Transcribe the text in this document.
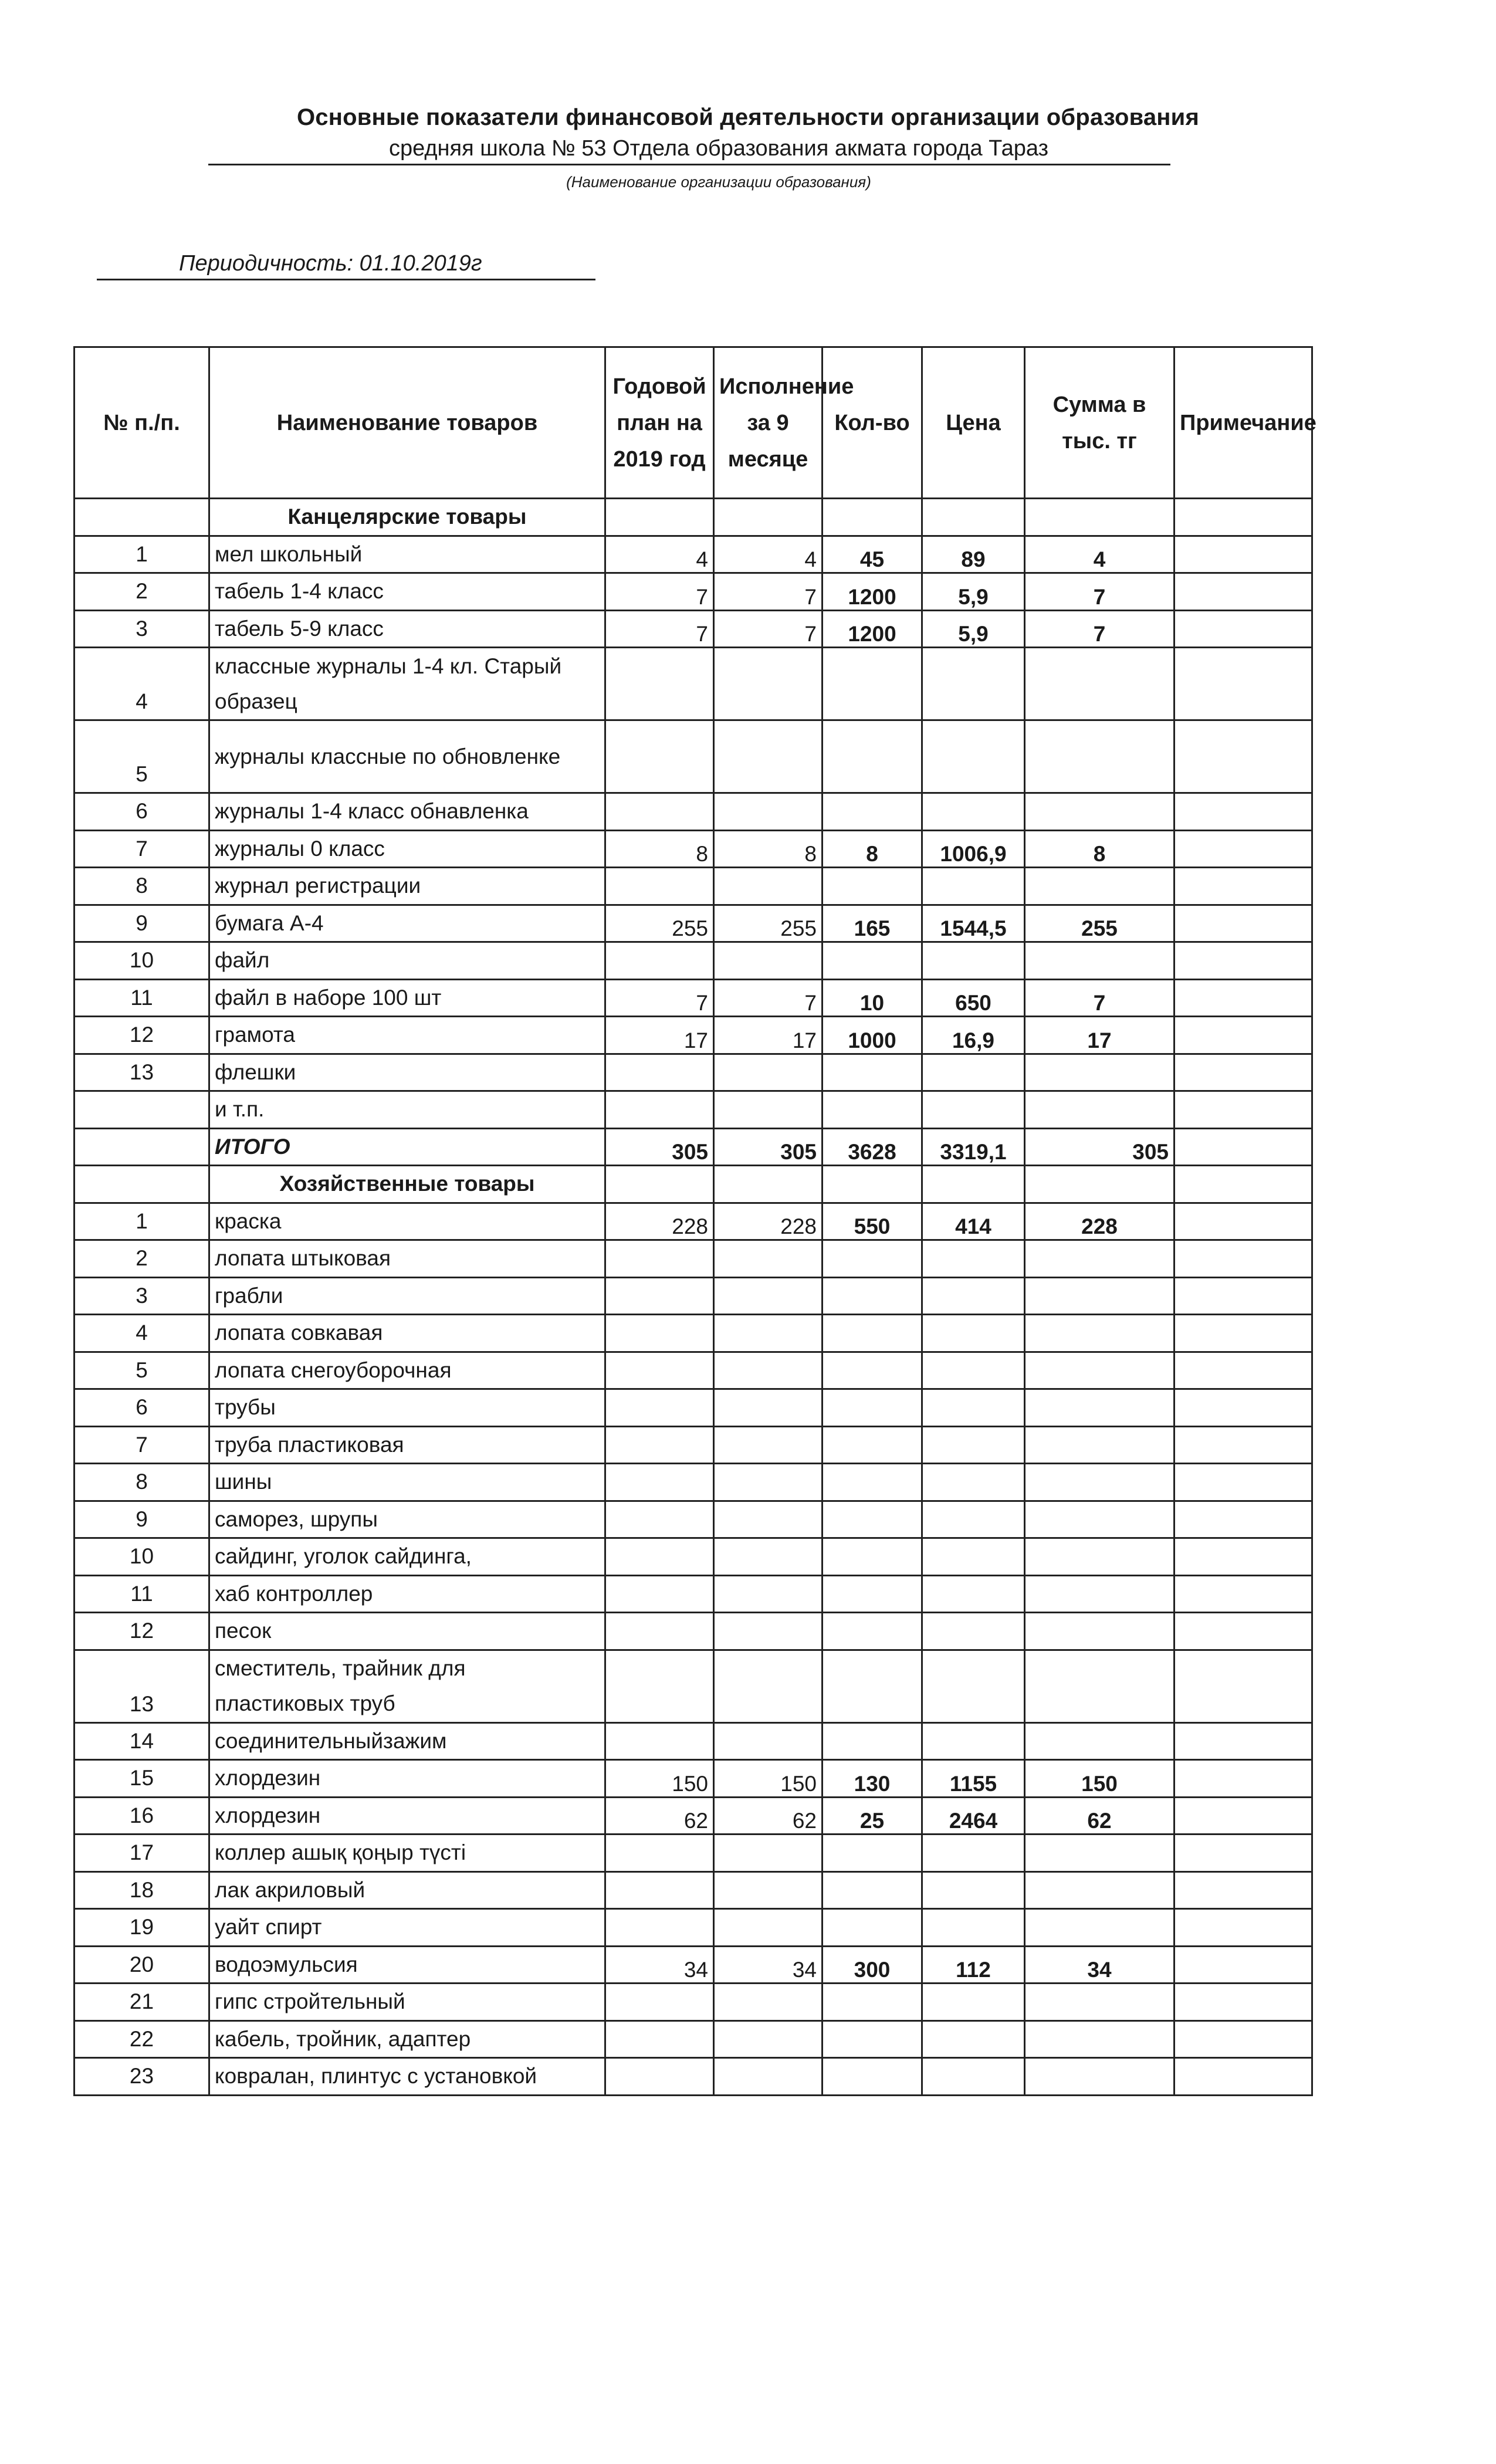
Основные показатели финансовой деятельности организации образования
средняя школа № 53 Отдела образования акмата города Тараз
(Наименование организации образования)
Периодичность: 01.10.2019г
№ п./п.	Наименование товаров	Годовой план на 2019 год	Исполнение за 9 месяце	Кол-во	Цена	Сумма в тыс. тг	Примечание
	Канцелярские товары						
1	мел школьный	4	4	45	89	4	
2	табель 1-4 класс	7	7	1200	5,9	7	
3	табель 5-9 класс	7	7	1200	5,9	7	
4	классные журналы 1-4 кл. Старый образец						
5	журналы классные по обновленке						
6	журналы 1-4 класс обнавленка						
7	журналы 0 класс	8	8	8	1006,9	8	
8	журнал регистрации						
9	бумага А-4	255	255	165	1544,5	255	
10	файл						
11	файл в наборе 100 шт	7	7	10	650	7	
12	грамота	17	17	1000	16,9	17	
13	флешки						
	и т.п.						
	ИТОГО	305	305	3628	3319,1	305	
	Хозяйственные товары						
1	краска	228	228	550	414	228	
2	лопата штыковая						
3	грабли						
4	лопата совкавая						
5	лопата снегоуборочная						
6	трубы						
7	труба пластиковая						
8	шины						
9	саморез, шрупы						
10	сайдинг, уголок сайдинга,						
11	хаб контроллер						
12	песок						
13	сместитель, трайник для пластиковых труб						
14	соединительныйзажим						
15	хлордезин	150	150	130	1155	150	
16	хлордезин	62	62	25	2464	62	
17	коллер ашық қоңыр түсті						
18	лак акриловый						
19	уайт спирт						
20	водоэмульсия	34	34	300	112	34	
21	гипс стройтельный						
22	кабель, тройник, адаптер						
23	ковралан, плинтус с установкой						
